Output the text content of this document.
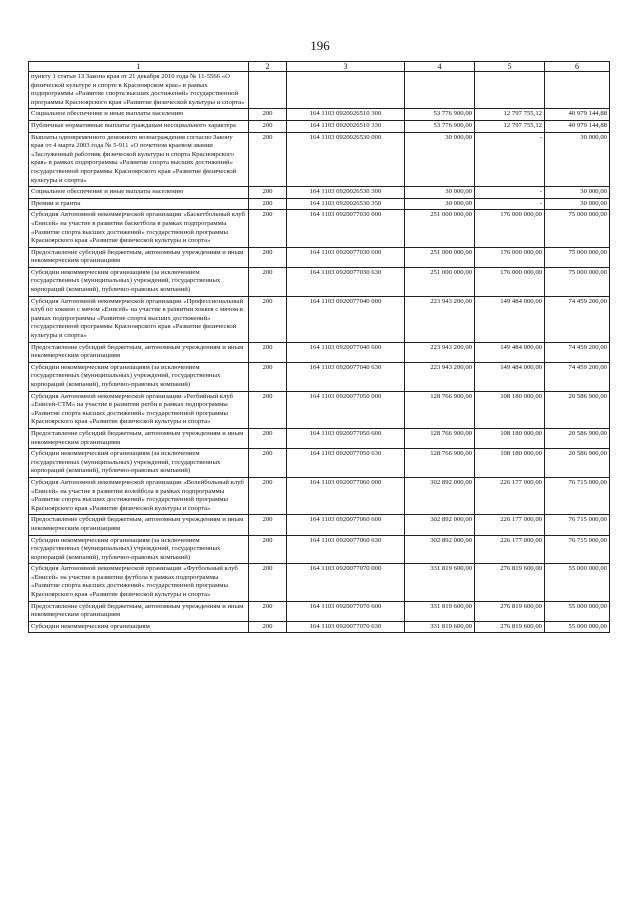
196
1	2	3	4	5	6
пункту 1 статьи 13 Закона края от 21 декабря 2010 года № 11-5566 «О физической культуре и спорте в Красноярском крае» в рамках подпрограммы «Развитие спорта высших достижений» государственной программы Красноярского края «Развитие физической культуры и спорта»					
Социальное обеспечение и иные выплаты населению	200	164 1103 0920026510 300	53 776 900,00	12 797 755,12	40 979 144,88
Публичные нормативные выплаты гражданам несоциального характера	200	164 1103 0920026510 330	53 776 900,00	12 797 755,12	40 979 144,88
Выплаты одновременного денежного вознаграждения согласно Закону края от 4 марта 2003 года № 5-911 «О почетном краевом звании «Заслуженный работник физической культуры и спорта Красноярского края» в рамках подпрограммы «Развитие спорта высших достижений» государственной программы Красноярского края «Развитие физической культуры и спорта»	200	164 1103 0920026530 000	30 000,00	-	30 000,00
Социальное обеспечение и иные выплаты населению	200	164 1103 0920026530 300	30 000,00	-	30 000,00
Премии и гранты	200	164 1103 0920026530 350	30 000,00	-	30 000,00
Субсидия Автономной некоммерческой организации «Баскетбольный клуб «Енисей» на участие в развитии баскетбола в рамках подпрограммы «Развитие спорта высших достижений» государственной программы Красноярского края «Развитие физической культуры и спорта»	200	164 1103 0920077030 000	251 000 000,00	176 000 000,00	75 000 000,00
Предоставление субсидий бюджетным, автономным учреждениям и иным некоммерческим организациям	200	164 1103 0920077030 600	251 000 000,00	176 000 000,00	75 000 000,00
Субсидии некоммерческим организациям (за исключением государственных (муниципальных) учреждений, государственных корпораций (компаний), публично-правовых компаний)	200	164 1103 0920077030 630	251 000 000,00	176 000 000,00	75 000 000,00
Субсидия Автономной некоммерческой организации «Профессиональный клуб по хоккею с мячом «Енисей» на участие в развитии хоккея с мячом в рамках подпрограммы «Развитие спорта высших достижений» государственной программы Красноярского края «Развитие физической культуры и спорта»	200	164 1103 0920077040 000	223 943 200,00	149 484 000,00	74 459 200,00
Предоставление субсидий бюджетным, автономным учреждениям и иным некоммерческим организациям	200	164 1103 0920077040 600	223 943 200,00	149 484 000,00	74 459 200,00
Субсидии некоммерческим организациям (за исключением государственных (муниципальных) учреждений, государственных корпораций (компаний), публично-правовых компаний)	200	164 1103 0920077040 630	223 943 200,00	149 484 000,00	74 459 200,00
Субсидия Автономной некоммерческой организации «Регбийный клуб «Енисей-СТМ» на участие в развитии регби в рамках подпрограммы «Развитие спорта высших достижений» государственной программы Красноярского края «Развитие физической культуры и спорта»	200	164 1103 0920077050 000	128 766 900,00	108 180 000,00	20 586 900,00
Предоставление субсидий бюджетным, автономным учреждениям и иным некоммерческим организациям	200	164 1103 0920077050 600	128 766 900,00	108 180 000,00	20 586 900,00
Субсидии некоммерческим организациям (за исключением государственных (муниципальных) учреждений, государственных корпораций (компаний), публично-правовых компаний)	200	164 1103 0920077050 630	128 766 900,00	108 180 000,00	20 586 900,00
Субсидия Автономной некоммерческой организации «Волейбольный клуб «Енисей» на участие в развитии волейбола в рамках подпрограммы «Развитие спорта высших достижений» государственной программы Красноярского края «Развитие физической культуры и спорта»	200	164 1103 0920077060 000	302 892 000,00	226 177 000,00	76 715 000,00
Предоставление субсидий бюджетным, автономным учреждениям и иным некоммерческим организациям	200	164 1103 0920077060 600	302 892 000,00	226 177 000,00	76 715 000,00
Субсидии некоммерческим организациям (за исключением государственных (муниципальных) учреждений, государственных корпораций (компаний), публично-правовых компаний)	200	164 1103 0920077060 630	302 892 000,00	226 177 000,00	76 715 000,00
Субсидия Автономной некоммерческой организации «Футбольный клуб «Енисей» на участие в развитии футбола в рамках подпрограммы «Развитие спорта высших достижений» государственной программы Красноярского края «Развитие физической культуры и спорта»	200	164 1103 0920077070 000	331 819 600,00	276 819 600,00	55 000 000,00
Предоставление субсидий бюджетным, автономным учреждениям и иным некоммерческим организациям	200	164 1103 0920077070 600	331 819 600,00	276 819 600,00	55 000 000,00
Субсидии некоммерческим организациям	200	164 1103 0920077070 630	331 819 600,00	276 819 600,00	55 000 000,00
